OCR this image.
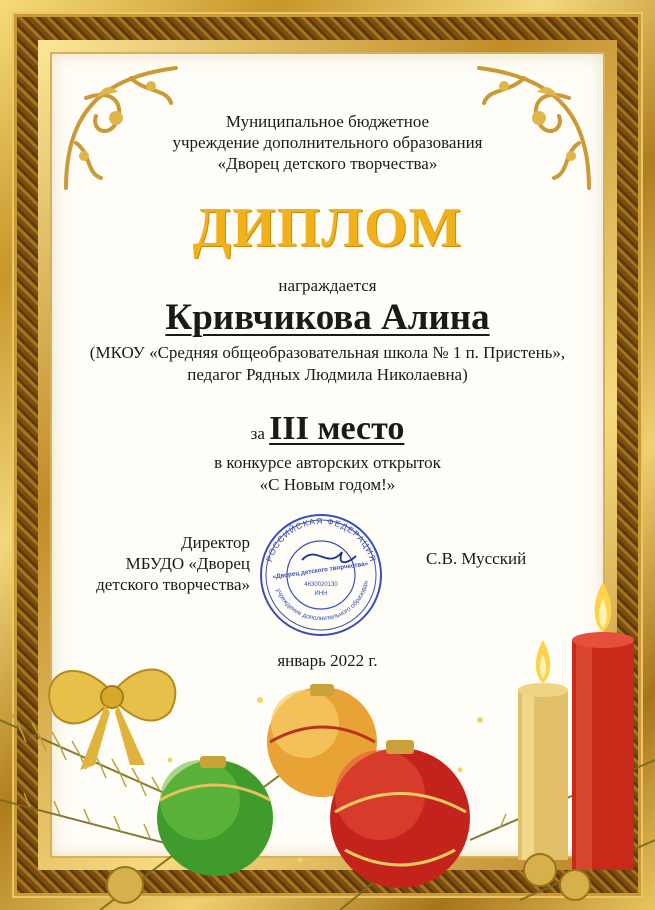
Муниципальное бюджетное
учреждение дополнительного образования
«Дворец детского творчества»
ДИПЛОМ
награждается
Кривчикова Алина
(МКОУ «Средняя общеобразовательная школа № 1 п. Пристень»,
педагог Рядных Людмила Николаевна)
за III место
в конкурсе авторских открыток
«С Новым годом!»
Директор
МБУДО «Дворец
детского творчества»
РОССИЙСКАЯ ФЕДЕРАЦИЯ
учреждение дополнительного образован
«Дворец детского творчества»
4630020130
ИНН
С.В. Мусский
январь 2022 г.
